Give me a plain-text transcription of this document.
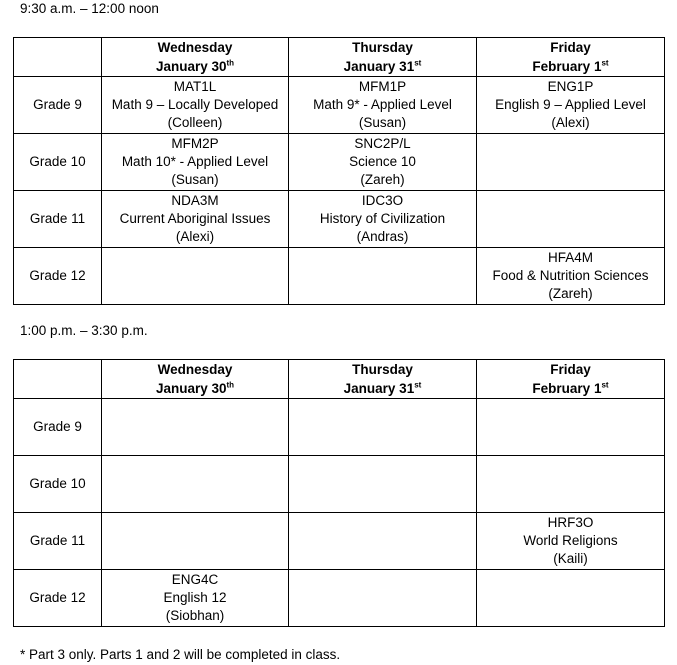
9:30 a.m. – 12:00 noon

	Wednesday
January 30th	Thursday
January 31st	Friday
February 1st

Grade 9	MAT1L
Math 9 – Locally Developed
(Colleen)	MFM1P
Math 9* - Applied Level
(Susan)	ENG1P
English 9 – Applied Level
(Alexi)

Grade 10	MFM2P
Math 10* - Applied Level
(Susan)	SNC2P/L
Science 10
(Zareh)	

Grade 11	NDA3M
Current Aboriginal Issues
(Alexi)	IDC3O
History of Civilization
(Andras)	

Grade 12			HFA4M
Food & Nutrition Sciences
(Zareh)
1:00 p.m. – 3:30 p.m.

	Wednesday
January 30th	Thursday
January 31st	Friday
February 1st

Grade 9			
Grade 10			
Grade 11			HRF3O
World Religions
(Kaili)

Grade 12	ENG4C
English 12
(Siobhan)		

* Part 3 only. Parts 1 and 2 will be completed in class.
